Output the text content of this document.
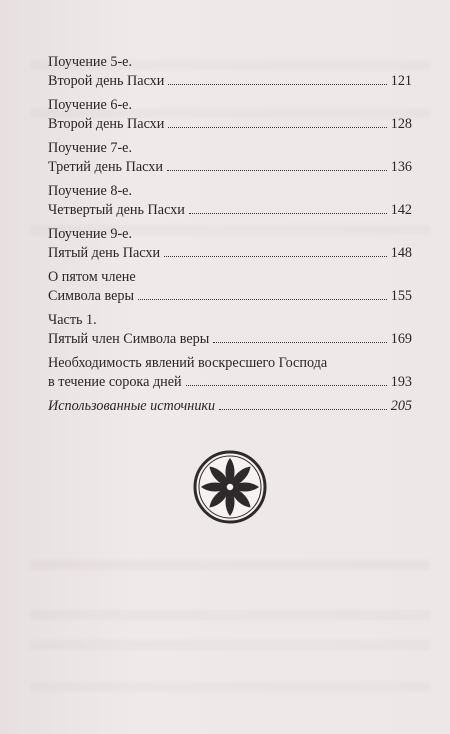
Поучение 5-е.
Второй день Пасхи	121
Поучение 6-е.
Второй день Пасхи	128
Поучение 7-е.
Третий день Пасхи	136
Поучение 8-е.
Четвертый день Пасхи	142
Поучение 9-е.
Пятый день Пасхи	148
О пятом члене
Символа веры	155
Часть 1.
Пятый член Символа веры	169
Необходимость явлений воскресшего Господа
в течение сорока дней	193
Использованные источники	205
